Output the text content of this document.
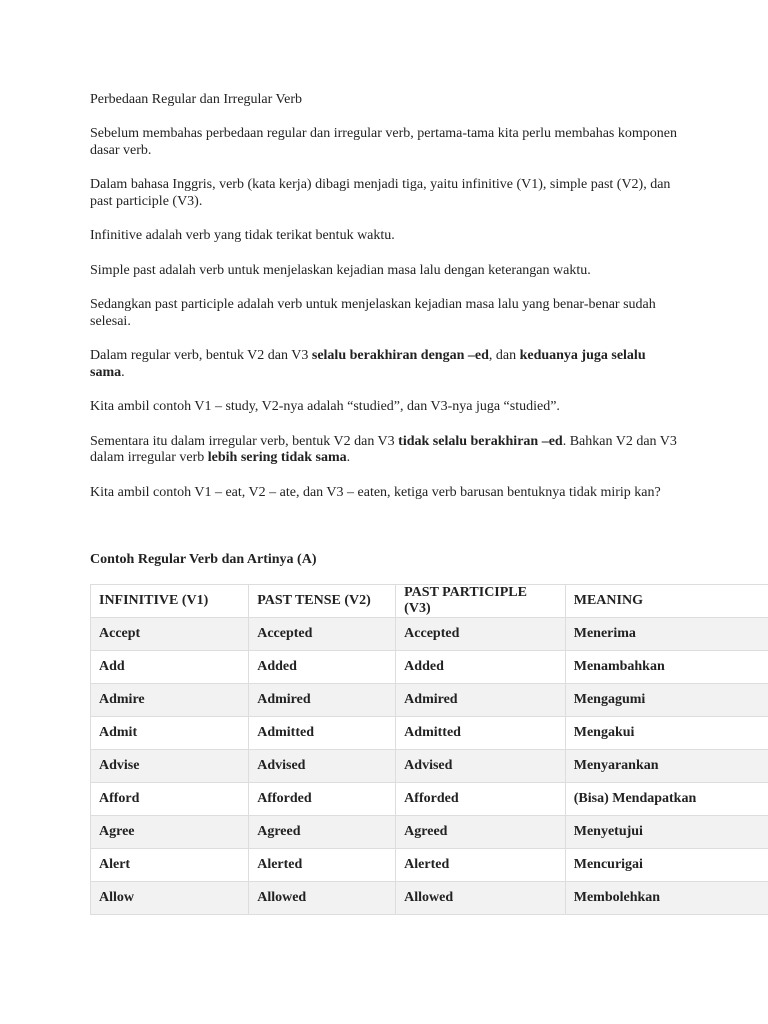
Perbedaan Regular dan Irregular Verb
Sebelum membahas perbedaan regular dan irregular verb, pertama-tama kita perlu membahas komponen dasar verb.
Dalam bahasa Inggris, verb (kata kerja) dibagi menjadi tiga, yaitu infinitive (V1), simple past (V2), dan past participle (V3).
Infinitive adalah verb yang tidak terikat bentuk waktu.
Simple past adalah verb untuk menjelaskan kejadian masa lalu dengan keterangan waktu.
Sedangkan past participle adalah verb untuk menjelaskan kejadian masa lalu yang benar-benar sudah selesai.
Dalam regular verb, bentuk V2 dan V3 selalu berakhiran dengan –ed, dan keduanya juga selalu sama.
Kita ambil contoh V1 – study, V2-nya adalah “studied”, dan V3-nya juga “studied”.
Sementara itu dalam irregular verb, bentuk V2 dan V3 tidak selalu berakhiran –ed. Bahkan V2 dan V3 dalam irregular verb lebih sering tidak sama.
Kita ambil contoh V1 – eat, V2 – ate, dan V3 – eaten, ketiga verb barusan bentuknya tidak mirip kan?
Contoh Regular Verb dan Artinya (A)
INFINITIVE (V1)	PAST TENSE (V2)	PAST PARTICIPLE (V3)	MEANING
Accept	Accepted	Accepted	Menerima
Add	Added	Added	Menambahkan
Admire	Admired	Admired	Mengagumi
Admit	Admitted	Admitted	Mengakui
Advise	Advised	Advised	Menyarankan
Afford	Afforded	Afforded	(Bisa) Mendapatkan
Agree	Agreed	Agreed	Menyetujui
Alert	Alerted	Alerted	Mencurigai
Allow	Allowed	Allowed	Membolehkan
